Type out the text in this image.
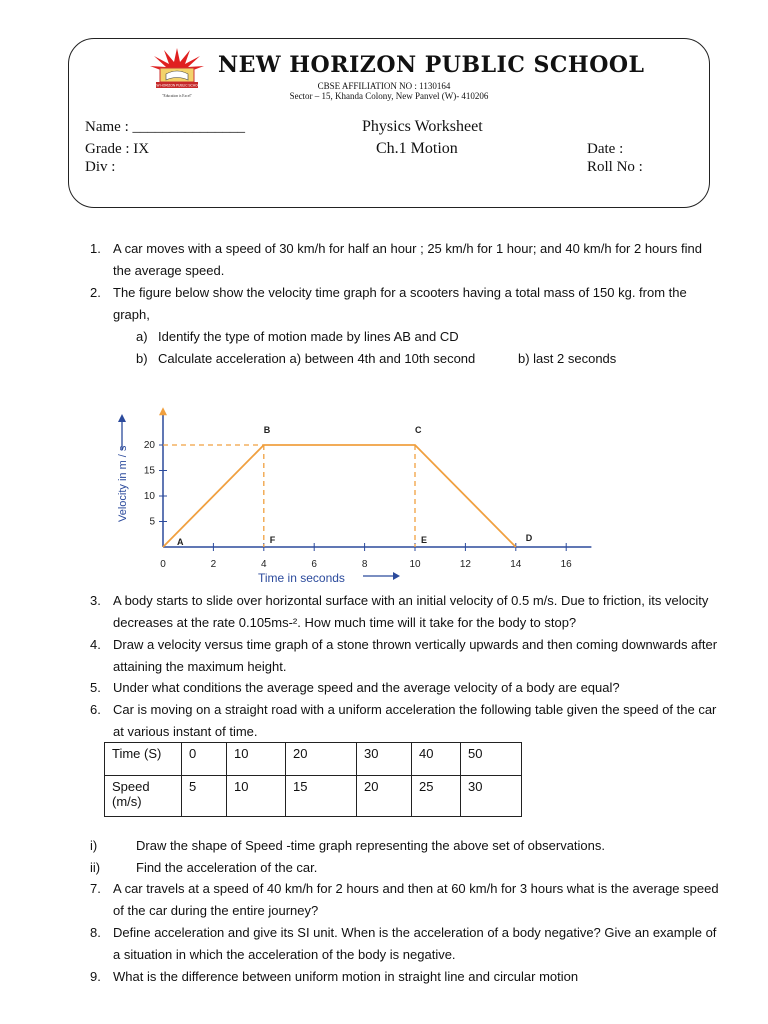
NEW HORIZON PUBLIC SCHOOL
"Education is Excel"
NEW HORIZON PUBLIC SCHOOL
CBSE AFFILIATION NO : 1130164
Sector – 15, Khanda Colony, New Panvel (W)- 410206
Name : _______________
Grade : IX
Div :
Physics Worksheet
Ch.1 Motion	Date :
Roll No :
1. A car moves with a speed of 30 km/h for half an hour ; 25 km/h for 1 hour; and 40 km/h for 2 hours find the average speed.
2. The figure below show the velocity time graph for a scooters having a total mass of 150 kg. from the graph,
a) Identify the type of motion made by lines AB and CD
b) Calculate acceleration a) between 4th and 10th second	b) last 2 seconds
0	2	4	6	8	10	12	14	16
5
10
15
20
A
B	C
D
F	E
Velocity in m / s
Time in seconds
3. A body starts to slide over horizontal surface with an initial velocity of 0.5 m/s. Due to friction, its velocity decreases at the rate 0.105ms-². How much time will it take for the body to stop?
4. Draw a velocity versus time graph of a stone thrown vertically upwards and then coming downwards after attaining the maximum height.
5. Under what conditions the average speed and the average velocity of a body are equal?
6. Car is moving on a straight road with a uniform acceleration the following table given the speed of the car at various instant of time.
Time (S)	0	10	20	30	40	50
Speed (m/s)	5	10	15	20	25	30
i)	Draw the shape of Speed -time graph representing the above set of observations.
ii)	Find the acceleration of the car.
7. A car travels at a speed of 40 km/h for 2 hours and then at 60 km/h for 3 hours what is the average speed of the car during the entire journey?
8. Define acceleration and give its SI unit. When is the acceleration of a body negative? Give an example of a situation in which the acceleration of the body is negative.
9. What is the difference between uniform motion in straight line and circular motion
